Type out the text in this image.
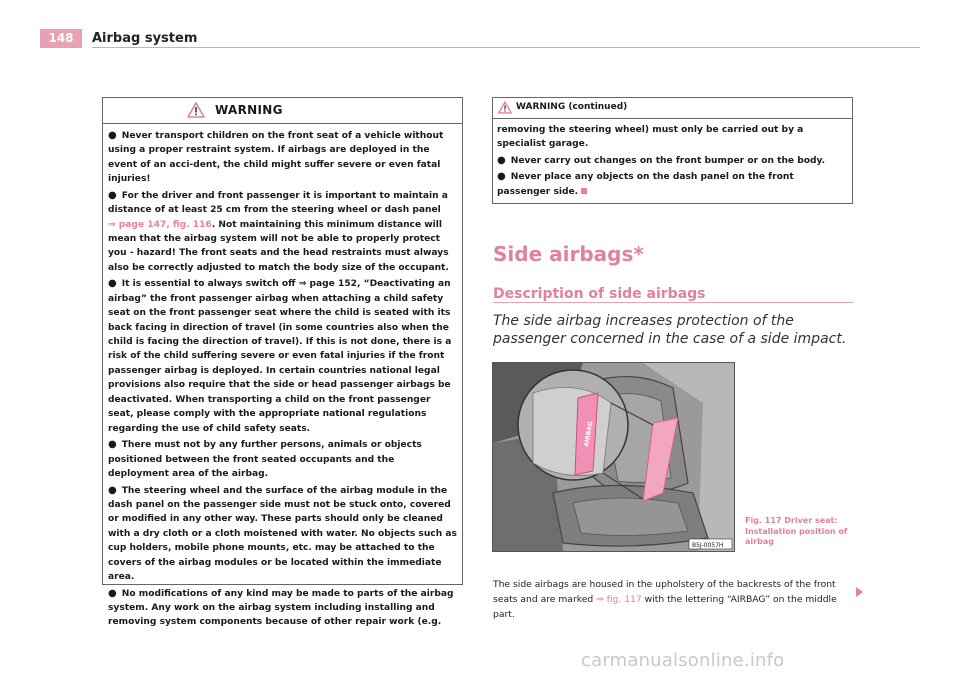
148	Airbag system
WARNING

● Never transport children on the front seat of a vehicle without using a proper restraint system. If airbags are deployed in the event of an acci-dent, the child might suffer severe or even fatal injuries!

● For the driver and front passenger it is important to maintain a distance of at least 25 cm from the steering wheel or dash panel
⇒ page 147, fig. 116. Not maintaining this minimum distance will mean that the airbag system will not be able to properly protect you - hazard! The front seats and the head restraints must always also be correctly adjusted to match the body size of the occupant.

● It is essential to always switch off ⇒ page 152, “Deactivating an airbag” the front passenger airbag when attaching a child safety seat on the front passenger seat where the child is seated with its back facing in direction of travel (in some countries also when the child is facing the direction of travel). If this is not done, there is a risk of the child suffering severe or even fatal injuries if the front passenger airbag is deployed. In certain countries national legal provisions also require that the side or head passenger airbags be deactivated. When transporting a child on the front passenger seat, please comply with the appropriate national regulations regarding the use of child safety seats.

● There must not by any further persons, animals or objects positioned between the front seated occupants and the deployment area of the airbag.

● The steering wheel and the surface of the airbag module in the dash panel on the passenger side must not be stuck onto, covered or modified in any other way. These parts should only be cleaned with a dry cloth or a cloth moistened with water. No objects such as cup holders, mobile phone mounts, etc. may be attached to the covers of the airbag modules or be located within the immediate area.

● No modifications of any kind may be made to parts of the airbag system. Any work on the airbag system including installing and removing system components because of other repair work (e.g.

WARNING (continued)

removing the steering wheel) must only be carried out by a specialist garage.

● Never carry out changes on the front bumper or on the body.

● Never place any objects on the dash panel on the front passenger side.

Side airbags*
Description of side airbags
The side airbag increases protection of the passenger concerned in the case of a side impact.
AIRBAG
B5J-0057H
Fig. 117 Driver seat:
Installation position of airbag
The side airbags are housed in the upholstery of the backrests of the front seats and are marked ⇒ fig. 117 with the lettering “AIRBAG” on the middle part.
carmanualsonline.info
